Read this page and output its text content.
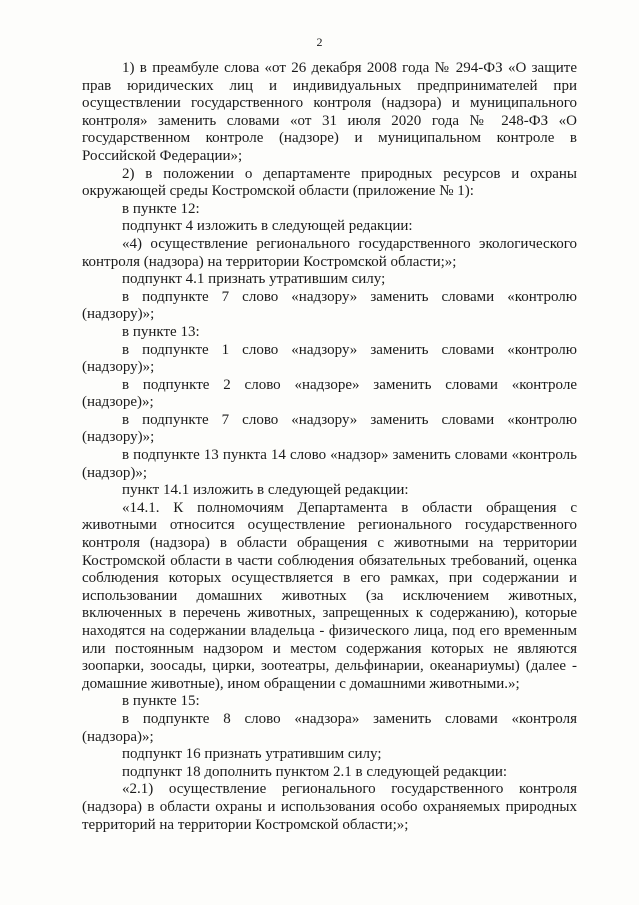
2

1) в преамбуле слова «от 26 декабря 2008 года № 294-ФЗ «О защите прав юридических лиц и индивидуальных предпринимателей при осуществлении государственного контроля (надзора) и муниципального контроля» заменить словами «от 31 июля 2020 года № 248-ФЗ «О государственном контроле (надзоре) и муниципальном контроле в Российской Федерации»;

2) в положении о департаменте природных ресурсов и охраны окружающей среды Костромской области (приложение № 1):

в пункте 12:

подпункт 4 изложить в следующей редакции:

«4) осуществление регионального государственного экологического контроля (надзора) на территории Костромской области;»;

подпункт 4.1 признать утратившим силу;

в подпункте 7 слово «надзору» заменить словами «контролю (надзору)»;

в пункте 13:

в подпункте 1 слово «надзору» заменить словами «контролю (надзору)»;

в подпункте 2 слово «надзоре» заменить словами «контроле (надзоре)»;

в подпункте 7 слово «надзору» заменить словами «контролю (надзору)»;

в подпункте 13 пункта 14 слово «надзор» заменить словами «контроль (надзор)»;

пункт 14.1 изложить в следующей редакции:

«14.1. К полномочиям Департамента в области обращения с животными относится осуществление регионального государственного контроля (надзора) в области обращения с животными на территории Костромской области в части соблюдения обязательных требований, оценка соблюдения которых осуществляется в его рамках, при содержании и использовании домашних животных (за исключением животных, включенных в перечень животных, запрещенных к содержанию), которые находятся на содержании владельца - физического лица, под его временным или постоянным надзором и местом содержания которых не являются зоопарки, зоосады, цирки, зоотеатры, дельфинарии, океанариумы) (далее - домашние животные), ином обращении с домашними животными.»;

в пункте 15:

в подпункте 8 слово «надзора» заменить словами «контроля (надзора)»;

подпункт 16 признать утратившим силу;

подпункт 18 дополнить пунктом 2.1 в следующей редакции:

«2.1) осуществление регионального государственного контроля (надзора) в области охраны и использования особо охраняемых природных территорий на территории Костромской области;»;
